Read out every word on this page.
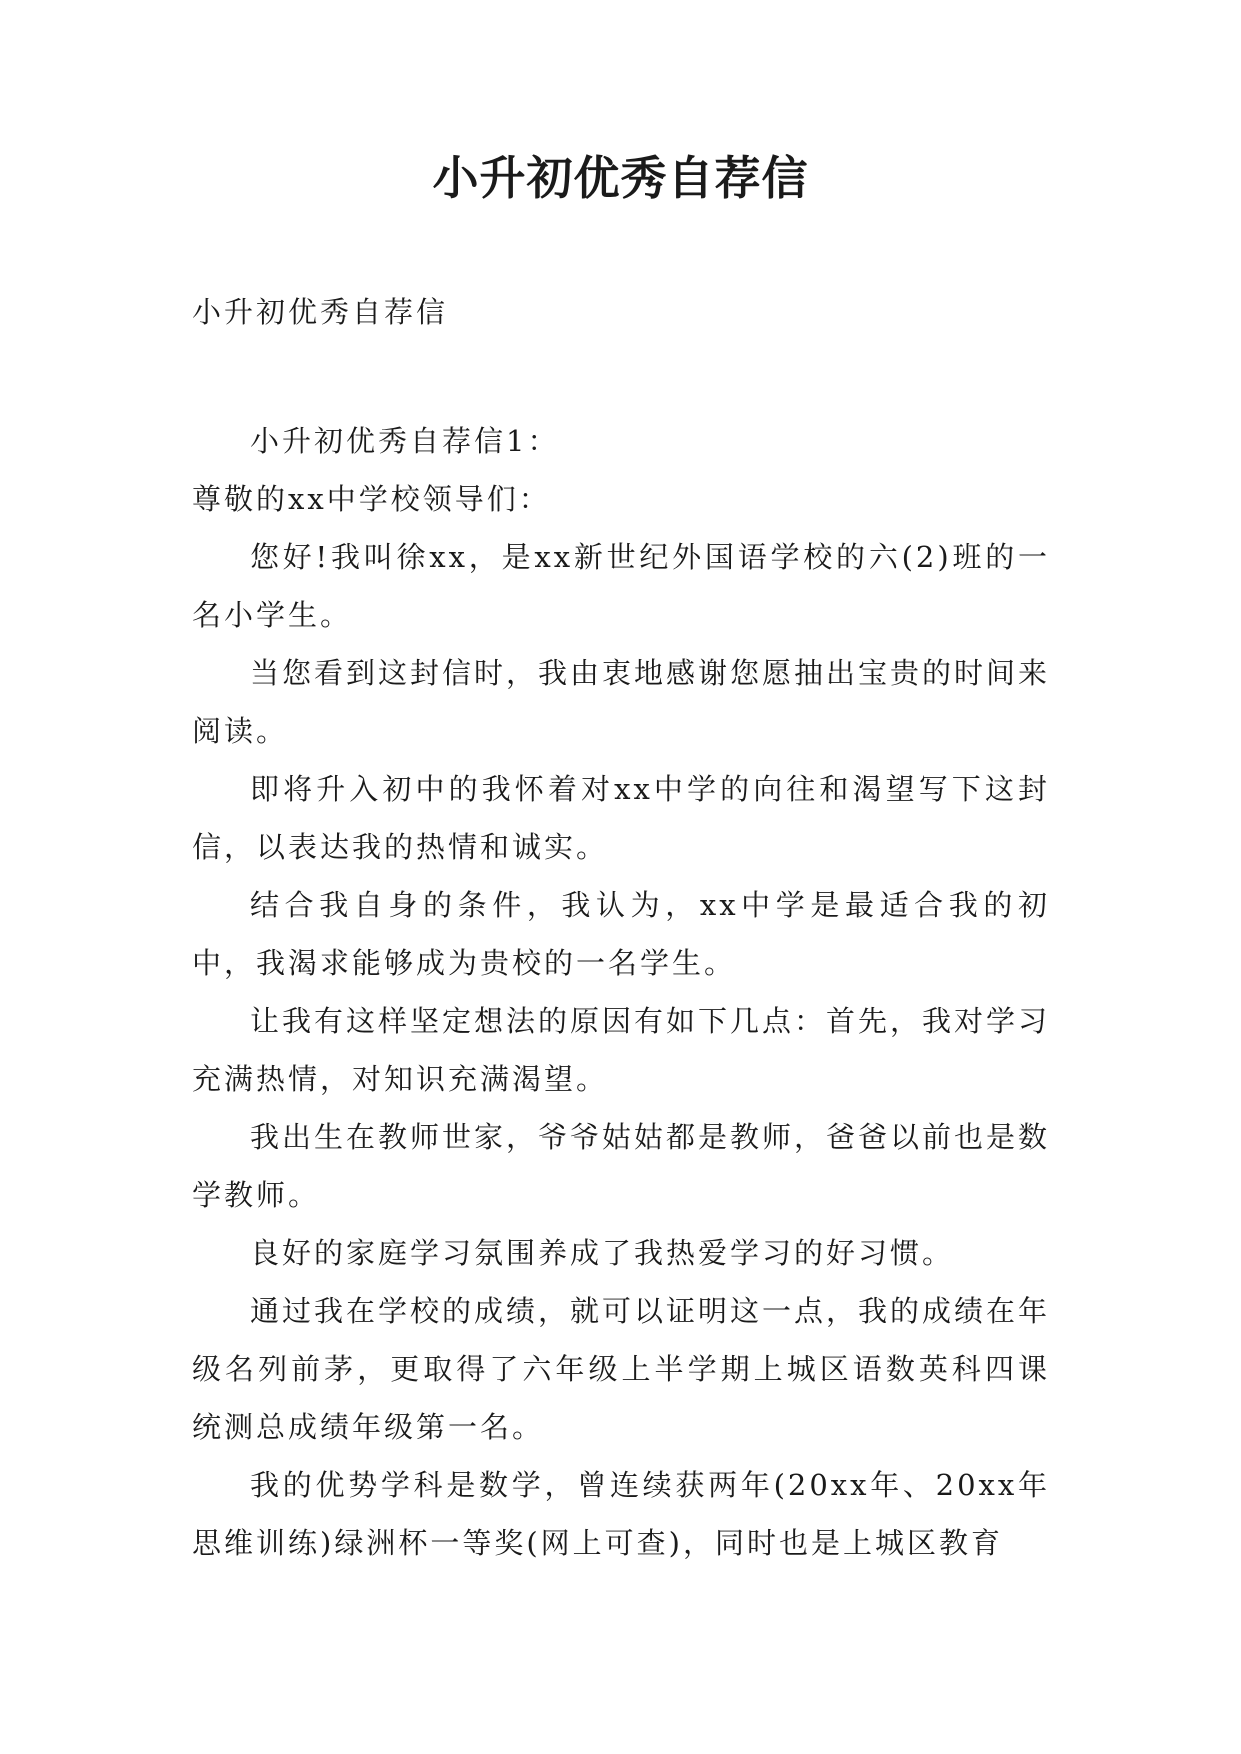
小升初优秀自荐信
小升初优秀自荐信

小升初优秀自荐信1：

尊敬的xx中学校领导们：

您好!我叫徐xx，是xx新世纪外国语学校的六(2)班的一名小学生。

当您看到这封信时，我由衷地感谢您愿抽出宝贵的时间来阅读。

即将升入初中的我怀着对xx中学的向往和渴望写下这封信，以表达我的热情和诚实。

结合我自身的条件，我认为，xx中学是最适合我的初中，我渴求能够成为贵校的一名学生。

让我有这样坚定想法的原因有如下几点：首先，我对学习充满热情，对知识充满渴望。

我出生在教师世家，爷爷姑姑都是教师，爸爸以前也是数学教师。

良好的家庭学习氛围养成了我热爱学习的好习惯。

通过我在学校的成绩，就可以证明这一点，我的成绩在年级名列前茅，更取得了六年级上半学期上城区语数英科四课统测总成绩年级第一名。

我的优势学科是数学，曾连续获两年(20xx年、20xx年思维训练)绿洲杯一等奖(网上可查)，同时也是上城区教育
